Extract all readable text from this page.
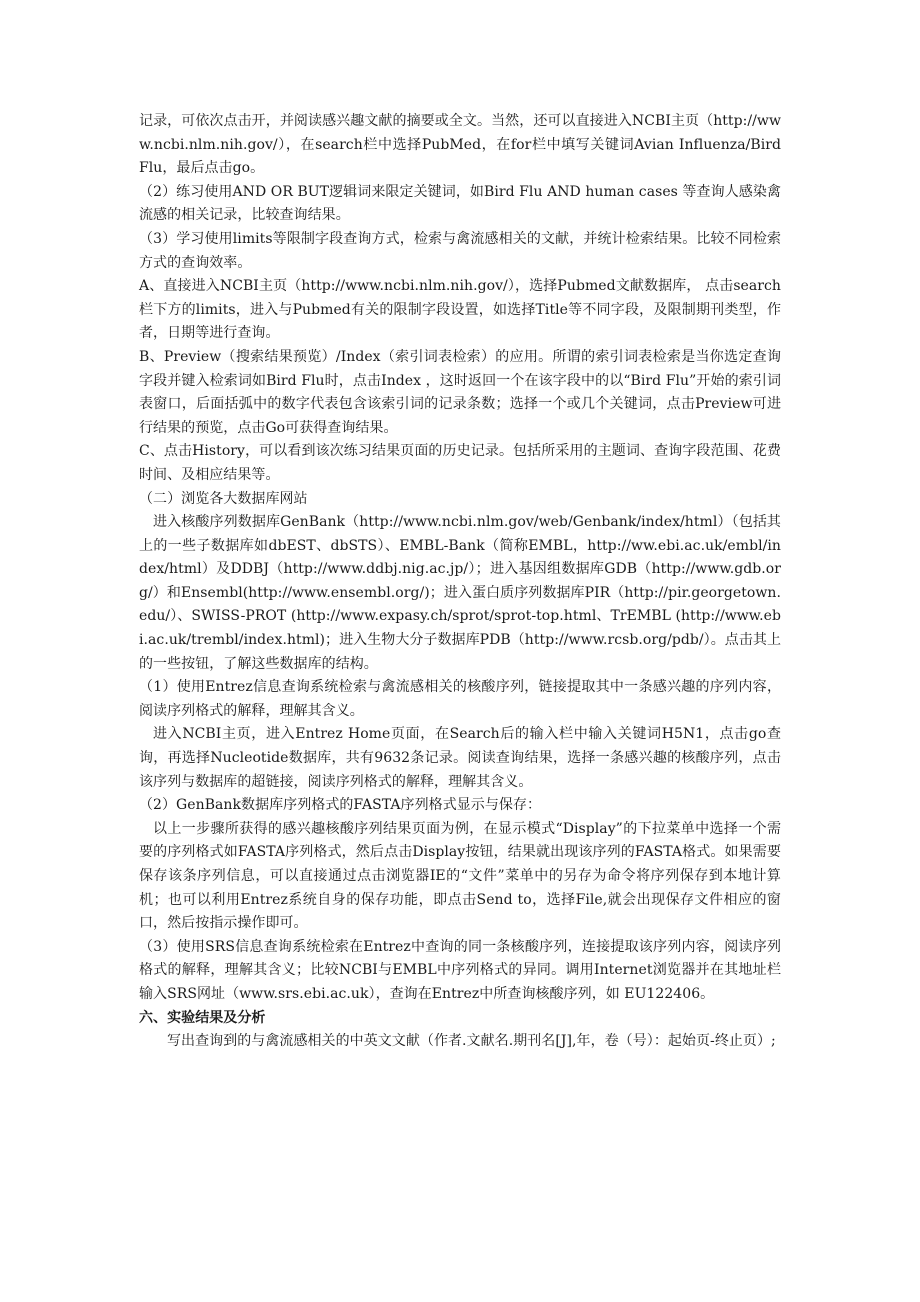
记录，可依次点击开，并阅读感兴趣文献的摘要或全文。当然，还可以直接进入NCBI主页（http://www.ncbi.nlm.nih.gov/），在search栏中选择PubMed，在for栏中填写关键词Avian Influenza/Bird Flu，最后点击go。

（2）练习使用AND OR BUT逻辑词来限定关键词，如Bird Flu AND human cases 等查询人感染禽流感的相关记录，比较查询结果。

（3）学习使用limits等限制字段查询方式，检索与禽流感相关的文献，并统计检索结果。比较不同检索方式的查询效率。

A、直接进入NCBI主页（http://www.ncbi.nlm.nih.gov/），选择Pubmed文献数据库， 点击search栏下方的limits，进入与Pubmed有关的限制字段设置，如选择Title等不同字段，及限制期刊类型，作者，日期等进行查询。

B、Preview（搜索结果预览）/Index（索引词表检索）的应用。所谓的索引词表检索是当你选定查询字段并键入检索词如Bird Flu时，点击Index ，这时返回一个在该字段中的以“Bird Flu”开始的索引词表窗口，后面括弧中的数字代表包含该索引词的记录条数；选择一个或几个关键词，点击Preview可进行结果的预览，点击Go可获得查询结果。

C、点击History，可以看到该次练习结果页面的历史记录。包括所采用的主题词、查询字段范围、花费时间、及相应结果等。

（二）浏览各大数据库网站

进入核酸序列数据库GenBank（http://www.ncbi.nlm.gov/web/Genbank/index/html）（包括其上的一些子数据库如dbEST、dbSTS）、EMBL-Bank（简称EMBL，http://ww.ebi.ac.uk/embl/index/html）及DDBJ（http://www.ddbj.nig.ac.jp/）；进入基因组数据库GDB（http://www.gdb.org/）和Ensembl(http://www.ensembl.org/)；进入蛋白质序列数据库PIR（http://pir.georgetown.edu/）、SWISS-PROT (http://www.expasy.ch/sprot/sprot-top.html、TrEMBL (http://www.ebi.ac.uk/trembl/index.html)；进入生物大分子数据库PDB（http://www.rcsb.org/pdb/）。点击其上的一些按钮，了解这些数据库的结构。

（1）使用Entrez信息查询系统检索与禽流感相关的核酸序列，链接提取其中一条感兴趣的序列内容，阅读序列格式的解释，理解其含义。

进入NCBI主页，进入Entrez Home页面，在Search后的输入栏中输入关键词H5N1，点击go查询，再选择Nucleotide数据库，共有9632条记录。阅读查询结果，选择一条感兴趣的核酸序列，点击该序列与数据库的超链接，阅读序列格式的解释，理解其含义。

（2）GenBank数据库序列格式的FASTA序列格式显示与保存：

以上一步骤所获得的感兴趣核酸序列结果页面为例，在显示模式“Display”的下拉菜单中选择一个需要的序列格式如FASTA序列格式，然后点击Display按钮，结果就出现该序列的FASTA格式。如果需要保存该条序列信息，可以直接通过点击浏览器IE的“文件”菜单中的另存为命令将序列保存到本地计算机；也可以利用Entrez系统自身的保存功能，即点击Send to，选择File,就会出现保存文件相应的窗口，然后按指示操作即可。

（3）使用SRS信息查询系统检索在Entrez中查询的同一条核酸序列，连接提取该序列内容，阅读序列格式的解释，理解其含义；比较NCBI与EMBL中序列格式的异同。调用Internet浏览器并在其地址栏输入SRS网址（www.srs.ebi.ac.uk），查询在Entrez中所查询核酸序列，如 EU122406。

六、实验结果及分析

写出查询到的与禽流感相关的中英文文献（作者.文献名.期刊名[J],年，卷（号）：起始页-终止页）;
